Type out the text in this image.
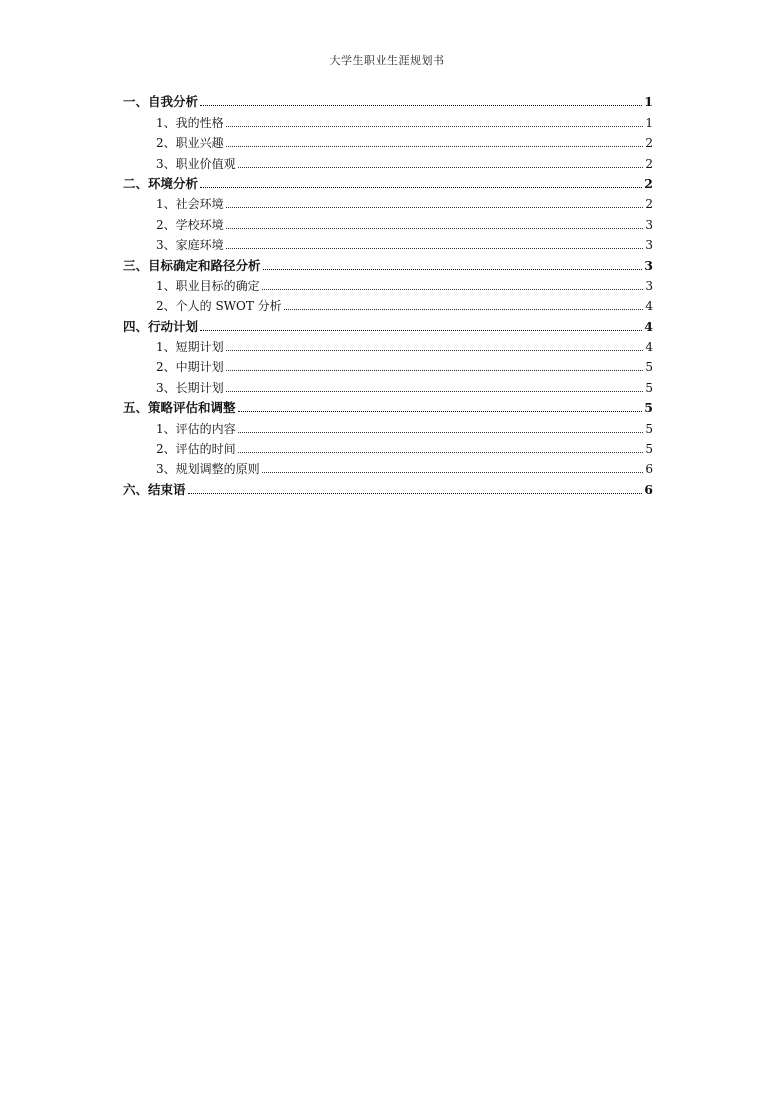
大学生职业生涯规划书
一、自我分析	1
1、我的性格	1
2、职业兴趣	2
3、职业价值观	2
二、环境分析	2
1、社会环境	2
2、学校环境	3
3、家庭环境	3
三、目标确定和路径分析	3
1、职业目标的确定	3
2、个人的 SWOT 分析	4
四、行动计划	4
1、短期计划	4
2、中期计划	5
3、长期计划	5
五、策略评估和调整	5
1、评估的内容	5
2、评估的时间	5
3、规划调整的原则	6
六、结束语	6
